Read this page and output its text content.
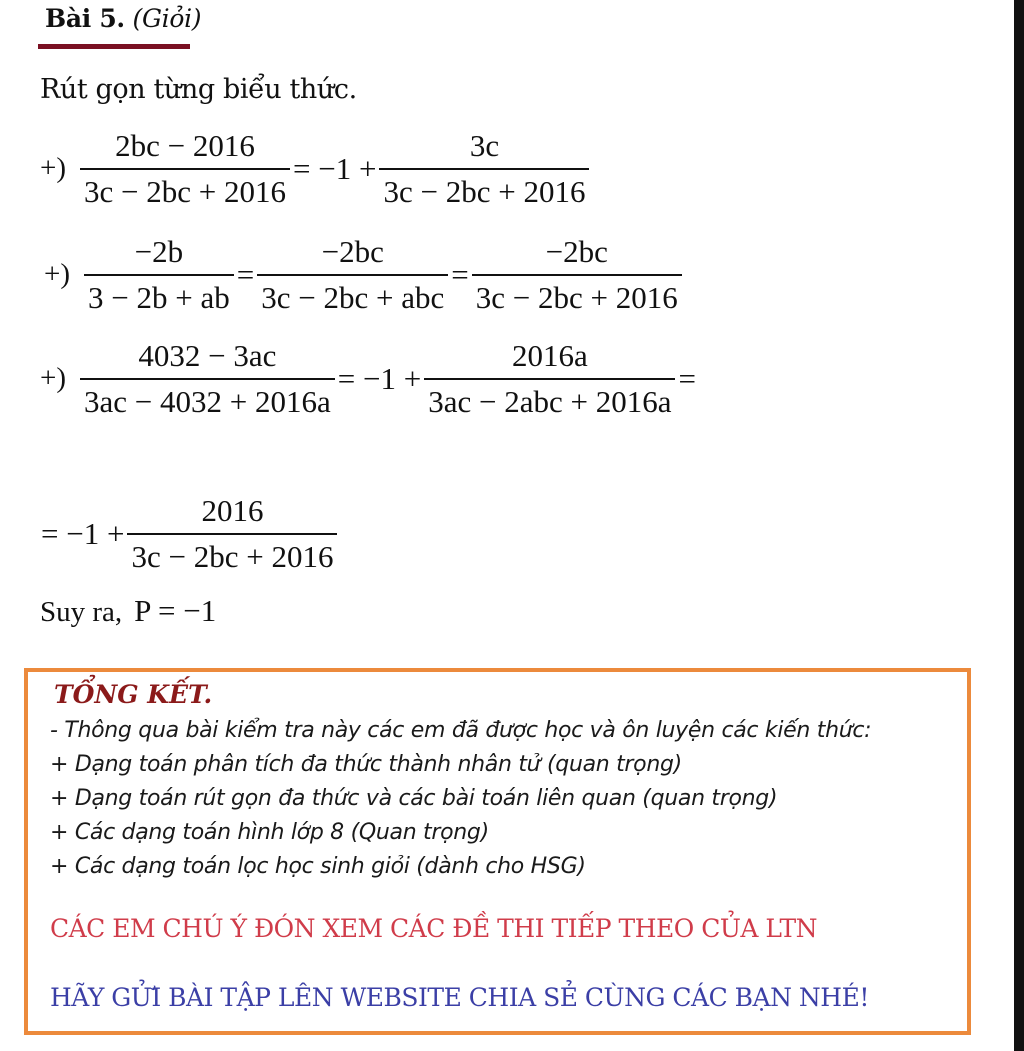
Bài 5. (Giỏi)
Rút gọn từng biểu thức.
+) $\frac{2bc - 2016}{3c - 2bc + 2016} = -1 + \frac{3c}{3c - 2bc + 2016}$
+) $\frac{-2b}{3 - 2b + ab} = \frac{-2bc}{\text{3c − 2bc + abc}} = \frac{-2bc}{3c - 2bc + 2016}$
+) $\frac{4032 - 3ac}{3ac - 4032 + 2016a} = -1 + \frac{2016a}{\text{3ac − 2abc + 2016a}}$ =
= $-1 + \frac{2016}{3c - 2bc + 2016}$
Suy ra, P = −1
TỔNG KẾT.
- Thông qua bài kiểm tra này các em đã được học và ôn luyện các kiến thức:
+ Dạng toán phân tích đa thức thành nhân tử (quan trọng)
+ Dạng toán rút gọn đa thức và các bài toán liên quan (quan trọng)
+ Các dạng toán hình lớp 8 (Quan trọng)
+ Các dạng toán lọc học sinh giỏi (dành cho HSG)
CÁC EM CHÚ Ý ĐÓN XEM CÁC ĐỀ THI TIẾP THEO CỦA LTN
HÃY GỬI BÀI TẬP LÊN WEBSITE CHIA SẺ CÙNG CÁC BẠN NHÉ!
